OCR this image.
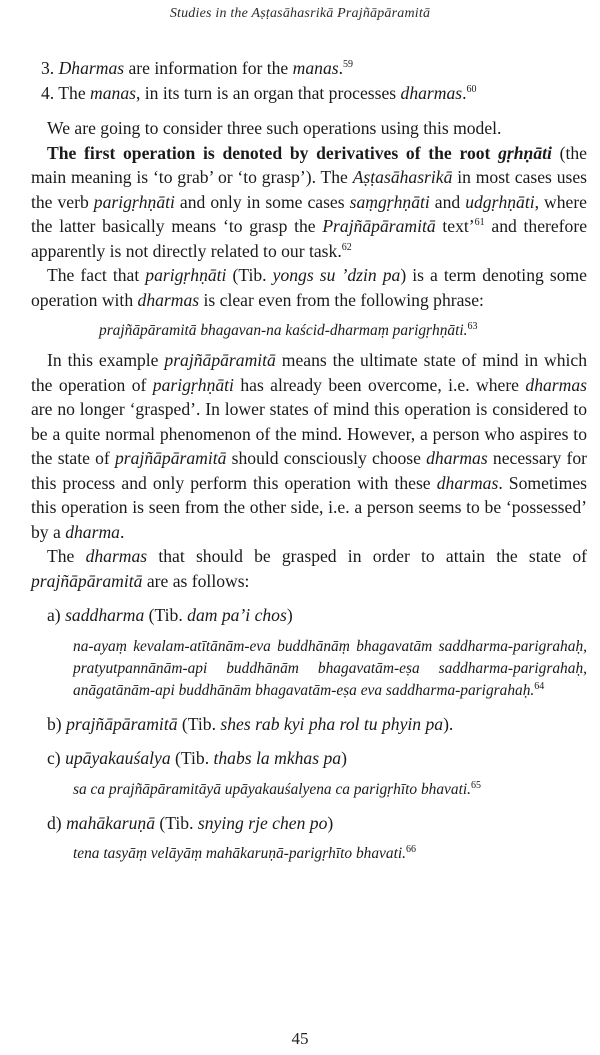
Studies in the Aṣṭasāhasrikā Prajñāpāramitā

3. Dharmas are information for the manas.$^{59}$

4. The manas, in its turn is an organ that processes dharmas.$^{60}$

We are going to consider three such operations using this model.

The first operation is denoted by derivatives of the root gṛhṇāti (the main meaning is ‘to grab’ or ‘to grasp’). The Aṣṭasāhasrikā in most cases uses the verb parigṛhṇāti and only in some cases saṃgṛhṇāti and udgṛhṇāti, where the latter basically means ‘to grasp the Prajñāpāramitā text’$^{61}$ and therefore apparently is not directly related to our task.$^{62}$

The fact that parigṛhṇāti (Tib. yongs su ’dzin pa) is a term denoting some operation with dharmas is clear even from the following phrase:

prajñāpāramitā bhagavan-na kaścid-dharmaṃ parigṛhṇāti.$^{63}$

In this example prajñāpāramitā means the ultimate state of mind in which the operation of parigṛhṇāti has already been overcome, i.e. where dharmas are no longer ‘grasped’. In lower states of mind this operation is considered to be a quite normal phenomenon of the mind. However, a person who aspires to the state of prajñāpāramitā should consciously choose dharmas necessary for this process and only perform this operation with these dharmas. Sometimes this operation is seen from the other side, i.e. a person seems to be ‘possessed’ by a dharma.

The dharmas that should be grasped in order to attain the state of prajñāpāramitā are as follows:

a) saddharma (Tib. dam pa’i chos)

na-ayaṃ kevalam-atītānām-eva buddhānāṃ bhagavatām saddharma-parigrahaḥ, pratyutpannānām-api buddhānām bhagavatām-eṣa saddharma-parigrahaḥ, anāgatānām-api buddhānām bhagavatām-eṣa eva saddharma-parigrahaḥ.$^{64}$

b) prajñāpāramitā (Tib. shes rab kyi pha rol tu phyin pa).

c) upāyakauśalya (Tib. thabs la mkhas pa)

sa ca prajñāpāramitāyā upāyakauśalyena ca parigṛhīto bhavati.$^{65}$

d) mahākaruṇā (Tib. snying rje chen po)

tena tasyāṃ velāyāṃ mahākaruṇā-parigṛhīto bhavati.$^{66}$

45
